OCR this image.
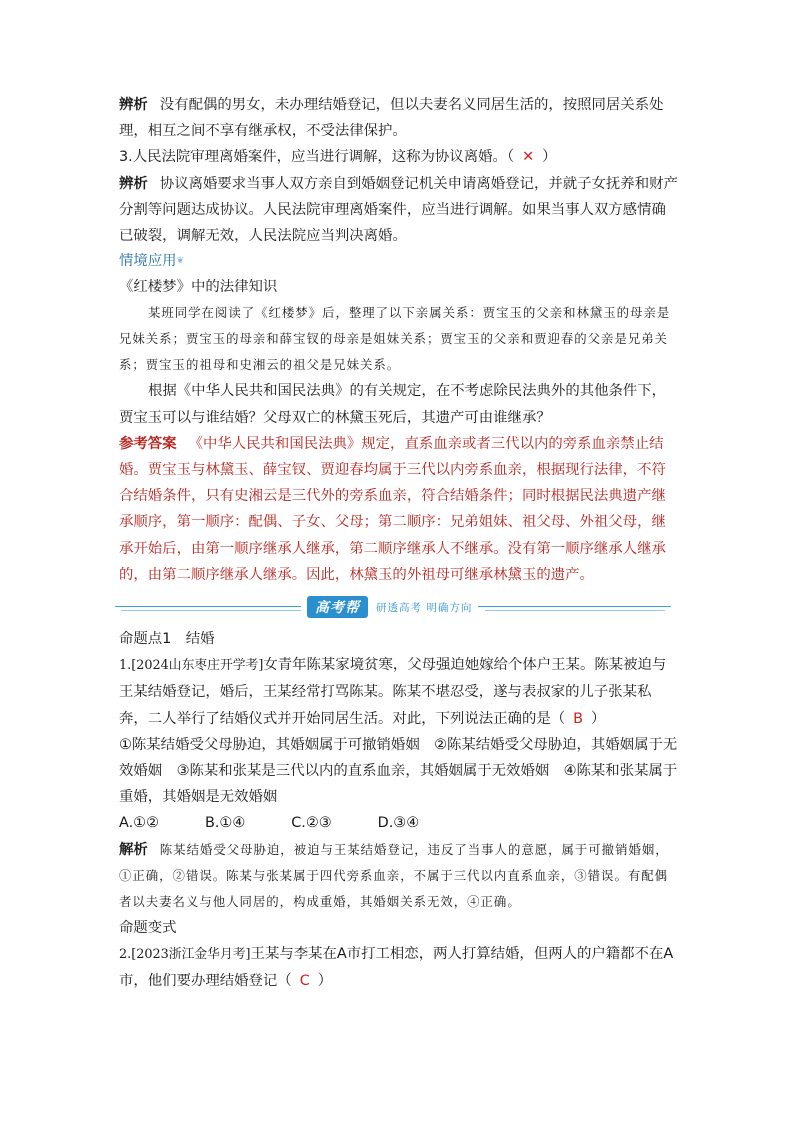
辨析 没有配偶的男女，未办理结婚登记，但以夫妻名义同居生活的，按照同居关系处理，相互之间不享有继承权，不受法律保护。

3.人民法院审理离婚案件，应当进行调解，这称为协议离婚。（ ✕ ）

辨析 协议离婚要求当事人双方亲自到婚姻登记机关申请离婚登记，并就子女抚养和财产分割等问题达成协议。人民法院审理离婚案件，应当进行调解。如果当事人双方感情确已破裂，调解无效，人民法院应当判决离婚。

情境应用❦

《红楼梦》中的法律知识

某班同学在阅读了《红楼梦》后，整理了以下亲属关系：贾宝玉的父亲和林黛玉的母亲是兄妹关系；贾宝玉的母亲和薛宝钗的母亲是姐妹关系；贾宝玉的父亲和贾迎春的父亲是兄弟关系；贾宝玉的祖母和史湘云的祖父是兄妹关系。

根据《中华人民共和国民法典》的有关规定，在不考虑除民法典外的其他条件下，贾宝玉可以与谁结婚？父母双亡的林黛玉死后，其遗产可由谁继承？

参考答案 《中华人民共和国民法典》规定，直系血亲或者三代以内的旁系血亲禁止结婚。贾宝玉与林黛玉、薛宝钗、贾迎春均属于三代以内旁系血亲，根据现行法律，不符合结婚条件，只有史湘云是三代外的旁系血亲，符合结婚条件；同时根据民法典遗产继承顺序，第一顺序：配偶、子女、父母；第二顺序：兄弟姐妹、祖父母、外祖父母，继承开始后，由第一顺序继承人继承，第二顺序继承人不继承。没有第一顺序继承人继承的，由第二顺序继承人继承。因此，林黛玉的外祖母可继承林黛玉的遗产。

高考帮	研透高考 明确方向

命题点1　结婚

1.[2024山东枣庄开学考]女青年陈某家境贫寒，父母强迫她嫁给个体户王某。陈某被迫与王某结婚登记，婚后，王某经常打骂陈某。陈某不堪忍受，遂与表叔家的儿子张某私奔，二人举行了结婚仪式并开始同居生活。对此，下列说法正确的是（ B ）

①陈某结婚受父母胁迫，其婚姻属于可撤销婚姻　②陈某结婚受父母胁迫，其婚姻属于无效婚姻　③陈某和张某是三代以内的直系血亲，其婚姻属于无效婚姻　④陈某和张某属于重婚，其婚姻是无效婚姻

A.①②	B.①④	C.②③	D.③④

解析 陈某结婚受父母胁迫，被迫与王某结婚登记，违反了当事人的意愿，属于可撤销婚姻，①正确，②错误。陈某与张某属于四代旁系血亲，不属于三代以内直系血亲，③错误。有配偶者以夫妻名义与他人同居的，构成重婚，其婚姻关系无效，④正确。

命题变式

2.[2023浙江金华月考]王某与李某在A市打工相恋，两人打算结婚，但两人的户籍都不在A市，他们要办理结婚登记（ C ）
